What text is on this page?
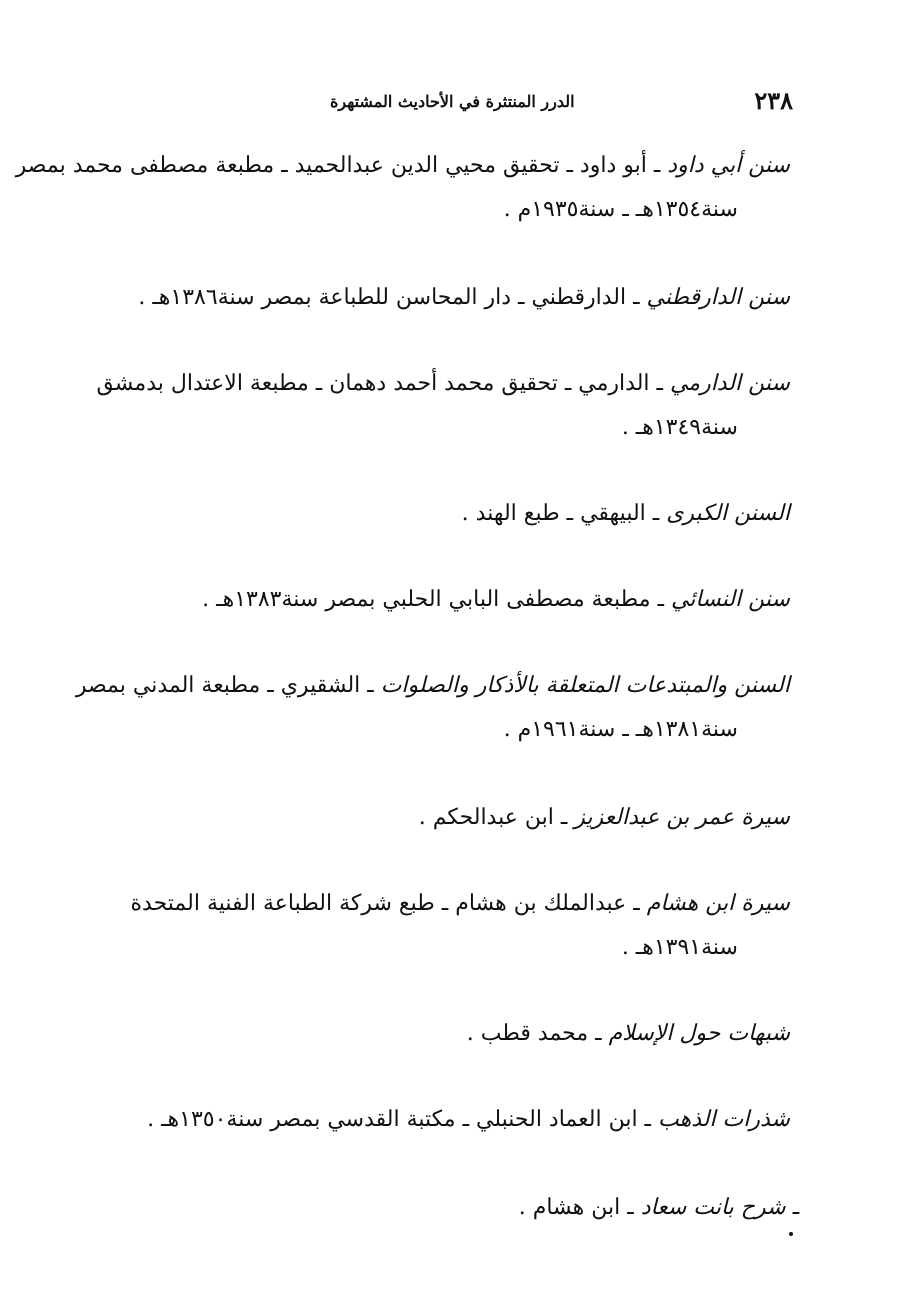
٢٣٨
الدرر المنتثرة في الأحاديث المشتهرة
سنن أبي داود ـ أبو داود ـ تحقيق محيي الدين عبدالحميد ـ مطبعة مصطفى محمد بمصر
سنة١٣٥٤هـ ـ سنة١٩٣٥م .
سنن الدارقطني ـ الدارقطني ـ دار المحاسن للطباعة بمصر سنة١٣٨٦هـ .
سنن الدارمي ـ الدارمي ـ تحقيق محمد أحمد دهمان ـ مطبعة الاعتدال بدمشق
سنة١٣٤٩هـ .
السنن الكبرى ـ البيهقي ـ طبع الهند .
سنن النسائي ـ مطبعة مصطفى البابي الحلبي بمصر سنة١٣٨٣هـ .
السنن والمبتدعات المتعلقة بالأذكار والصلوات ـ الشقيري ـ مطبعة المدني بمصر
سنة١٣٨١هـ ـ سنة١٩٦١م .
سيرة عمر بن عبدالعزيز ـ ابن عبدالحكم .
سيرة ابن هشام ـ عبدالملك بن هشام ـ طبع شركة الطباعة الفنية المتحدة
سنة١٣٩١هـ .
شبهات حول الإسلام ـ محمد قطب .
شذرات الذهب ـ ابن العماد الحنبلي ـ مكتبة القدسي بمصر سنة١٣٥٠هـ .
ـ شرح بانت سعاد ـ ابن هشام .
